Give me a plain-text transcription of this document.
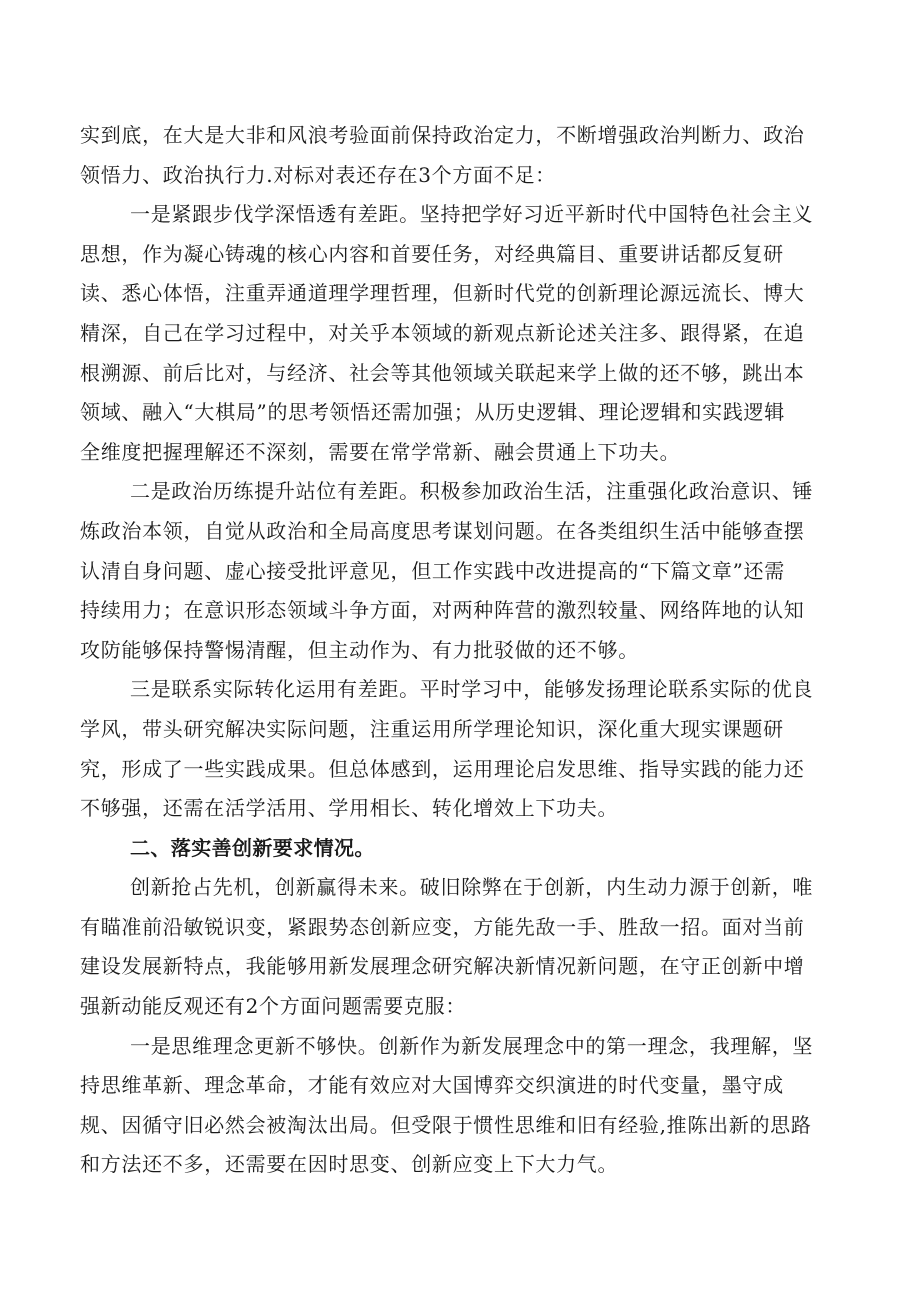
实到底，在大是大非和风浪考验面前保持政治定力，不断增强政治判断力、政治
领悟力、政治执行力.对标对表还存在3个方面不足：
一是紧跟步伐学深悟透有差距。坚持把学好习近平新时代中国特色社会主义
思想，作为凝心铸魂的核心内容和首要任务，对经典篇目、重要讲话都反复研
读、悉心体悟，注重弄通道理学理哲理，但新时代党的创新理论源远流长、博大
精深，自己在学习过程中，对关乎本领域的新观点新论述关注多、跟得紧，在追
根溯源、前后比对，与经济、社会等其他领域关联起来学上做的还不够，跳出本
领域、融入“大棋局”的思考领悟还需加强；从历史逻辑、理论逻辑和实践逻辑
全维度把握理解还不深刻，需要在常学常新、融会贯通上下功夫。
二是政治历练提升站位有差距。积极参加政治生活，注重强化政治意识、锤
炼政治本领，自觉从政治和全局高度思考谋划问题。在各类组织生活中能够查摆
认清自身问题、虚心接受批评意见，但工作实践中改进提高的“下篇文章”还需
持续用力；在意识形态领域斗争方面，对两种阵营的激烈较量、网络阵地的认知
攻防能够保持警惕清醒，但主动作为、有力批驳做的还不够。
三是联系实际转化运用有差距。平时学习中，能够发扬理论联系实际的优良
学风，带头研究解决实际问题，注重运用所学理论知识，深化重大现实课题研
究，形成了一些实践成果。但总体感到，运用理论启发思维、指导实践的能力还
不够强，还需在活学活用、学用相长、转化增效上下功夫。
二、落实善创新要求情况。
创新抢占先机，创新赢得未来。破旧除弊在于创新，内生动力源于创新，唯
有瞄准前沿敏锐识变，紧跟势态创新应变，方能先敌一手、胜敌一招。面对当前
建设发展新特点，我能够用新发展理念研究解决新情况新问题，在守正创新中增
强新动能反观还有2个方面问题需要克服：
一是思维理念更新不够快。创新作为新发展理念中的第一理念，我理解，坚
持思维革新、理念革命，才能有效应对大国博弈交织演进的时代变量，墨守成
规、因循守旧必然会被淘汰出局。但受限于惯性思维和旧有经验,推陈出新的思路
和方法还不多，还需要在因时思变、创新应变上下大力气。
